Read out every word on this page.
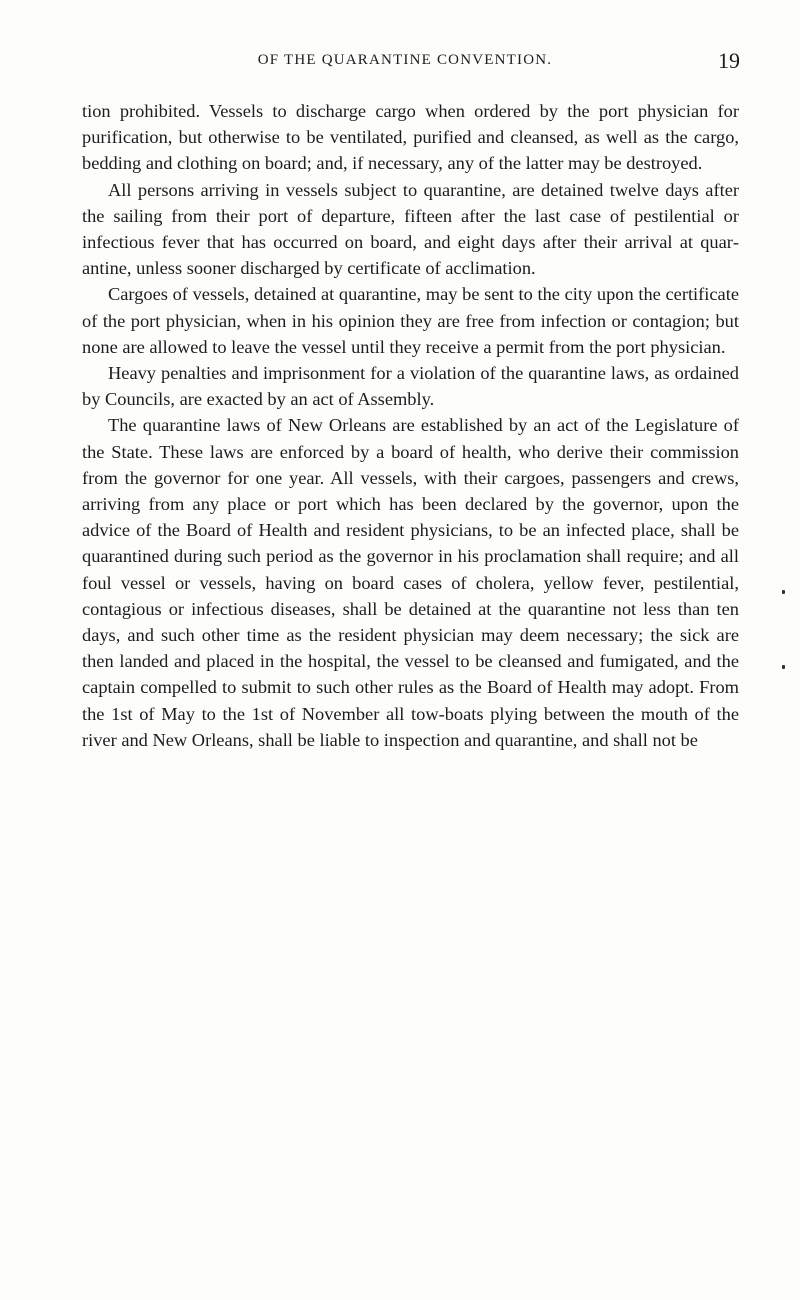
OF THE QUARANTINE CONVENTION.	19

tion prohibited. Vessels to discharge cargo when ordered by the port physician for purification, but otherwise to be ventilated, purified and cleansed, as well as the cargo, bedding and clothing on board; and, if necessary, any of the latter may be destroyed.

All persons arriving in vessels subject to quarantine, are detained twelve days after the sailing from their port of departure, fifteen after the last case of pestilential or infectious fever that has occurred on board, and eight days after their arrival at quarantine, unless sooner discharged by certificate of acclimation.

Cargoes of vessels, detained at quarantine, may be sent to the city upon the certificate of the port physician, when in his opinion they are free from infection or contagion; but none are allowed to leave the vessel until they receive a permit from the port physician.

Heavy penalties and imprisonment for a violation of the quarantine laws, as ordained by Councils, are exacted by an act of Assembly.

The quarantine laws of New Orleans are established by an act of the Legislature of the State. These laws are enforced by a board of health, who derive their commission from the governor for one year. All vessels, with their cargoes, passengers and crews, arriving from any place or port which has been declared by the governor, upon the advice of the Board of Health and resident physicians, to be an infected place, shall be quarantined during such period as the governor in his proclamation shall require; and all foul vessel or vessels, having on board cases of cholera, yellow fever, pestilential, contagious or infectious diseases, shall be detained at the quarantine not less than ten days, and such other time as the resident physician may deem necessary; the sick are then landed and placed in the hospital, the vessel to be cleansed and fumigated, and the captain compelled to submit to such other rules as the Board of Health may adopt. From the 1st of May to the 1st of November all tow-boats plying between the mouth of the river and New Orleans, shall be liable to inspection and quarantine, and shall not be
